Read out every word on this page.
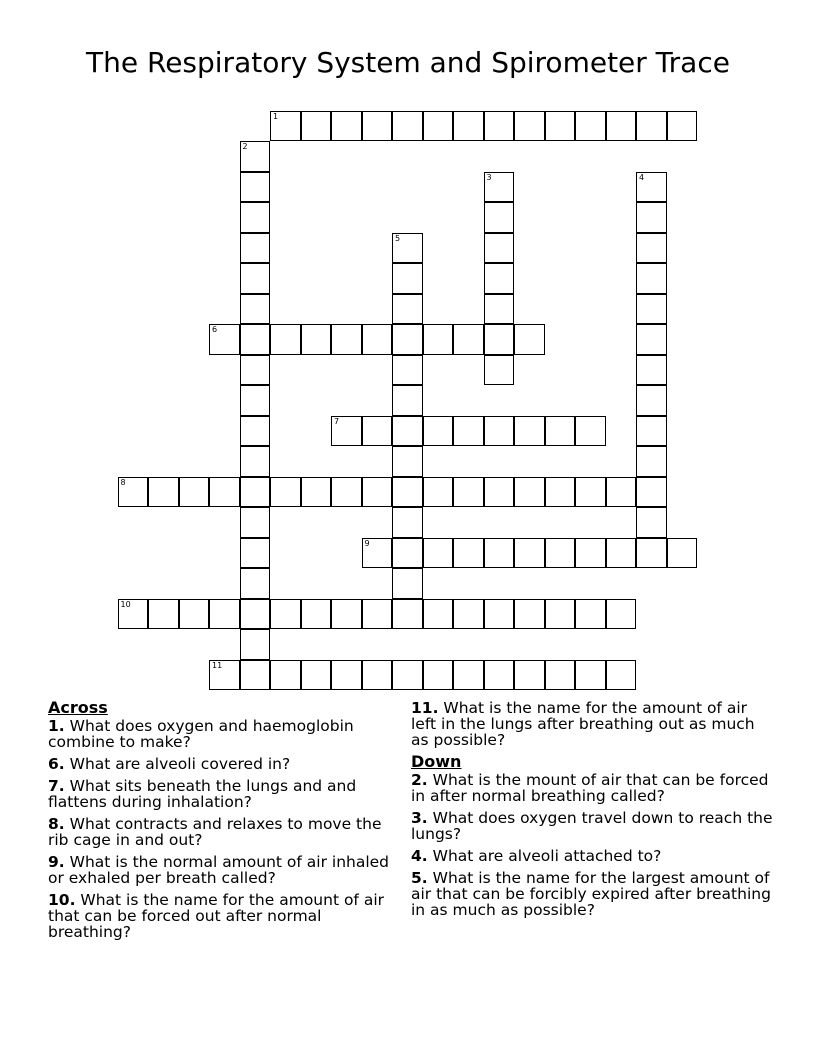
The Respiratory System and Spirometer Trace
1
2
3	4
5
6
7
8
9
10
11
Across
1. What does oxygen and haemoglobin combine to make?
6. What are alveoli covered in?
7. What sits beneath the lungs and and flattens during inhalation?
8. What contracts and relaxes to move the rib cage in and out?
9. What is the normal amount of air inhaled or exhaled per breath called?
10. What is the name for the amount of air that can be forced out after normal breathing?
11. What is the name for the amount of air left in the lungs after breathing out as much as possible?
Down
2. What is the mount of air that can be forced in after normal breathing called?
3. What does oxygen travel down to reach the lungs?
4. What are alveoli attached to?
5. What is the name for the largest amount of air that can be forcibly expired after breathing in as much as possible?
